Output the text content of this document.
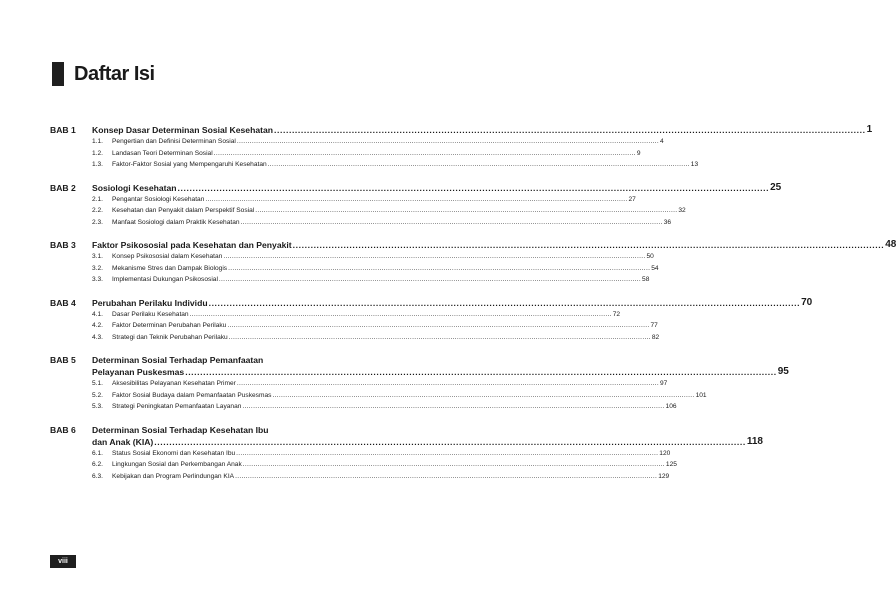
Daftar Isi
BAB 1	Konsep Dasar Determinan Sosial Kesehatan .....	1
1.1.	Pengertian dan Definisi Determinan Sosial .....	4
1.2.	Landasan Teori Determinan Sosial .....	9
1.3.	Faktor-Faktor Sosial yang Mempengaruhi Kesehatan .....	13
BAB 2	Sosiologi Kesehatan .....	25
2.1.	Pengantar Sosiologi Kesehatan .....	27
2.2.	Kesehatan dan Penyakit dalam Perspektif Sosial .....	32
2.3.	Manfaat Sosiologi dalam Praktik Kesehatan .....	36
BAB 3	Faktor Psikososial pada Kesehatan dan Penyakit .....	48
3.1.	Konsep Psikososial dalam Kesehatan .....	50
3.2.	Mekanisme Stres dan Dampak Biologis .....	54
3.3.	Implementasi Dukungan Psikososial .....	58
BAB 4	Perubahan Perilaku Individu .....	70
4.1.	Dasar Perilaku Kesehatan .....	72
4.2.	Faktor Determinan Perubahan Perilaku .....	77
4.3.	Strategi dan Teknik Perubahan Perilaku .....	82
BAB 5	Determinan Sosial Terhadap Pemanfaatan
Pelayanan Puskesmas .....	95
5.1.	Aksesibilitas Pelayanan Kesehatan Primer .....	97
5.2.	Faktor Sosial Budaya dalam Pemanfaatan Puskesmas .....	101
5.3.	Strategi Peningkatan Pemanfaatan Layanan .....	106
BAB 6	Determinan Sosial Terhadap Kesehatan Ibu
dan Anak (KIA) .....	118
6.1.	Status Sosial Ekonomi dan Kesehatan Ibu .....	120
6.2.	Lingkungan Sosial dan Perkembangan Anak .....	125
6.3.	Kebijakan dan Program Perlindungan KIA .....	129
viii
